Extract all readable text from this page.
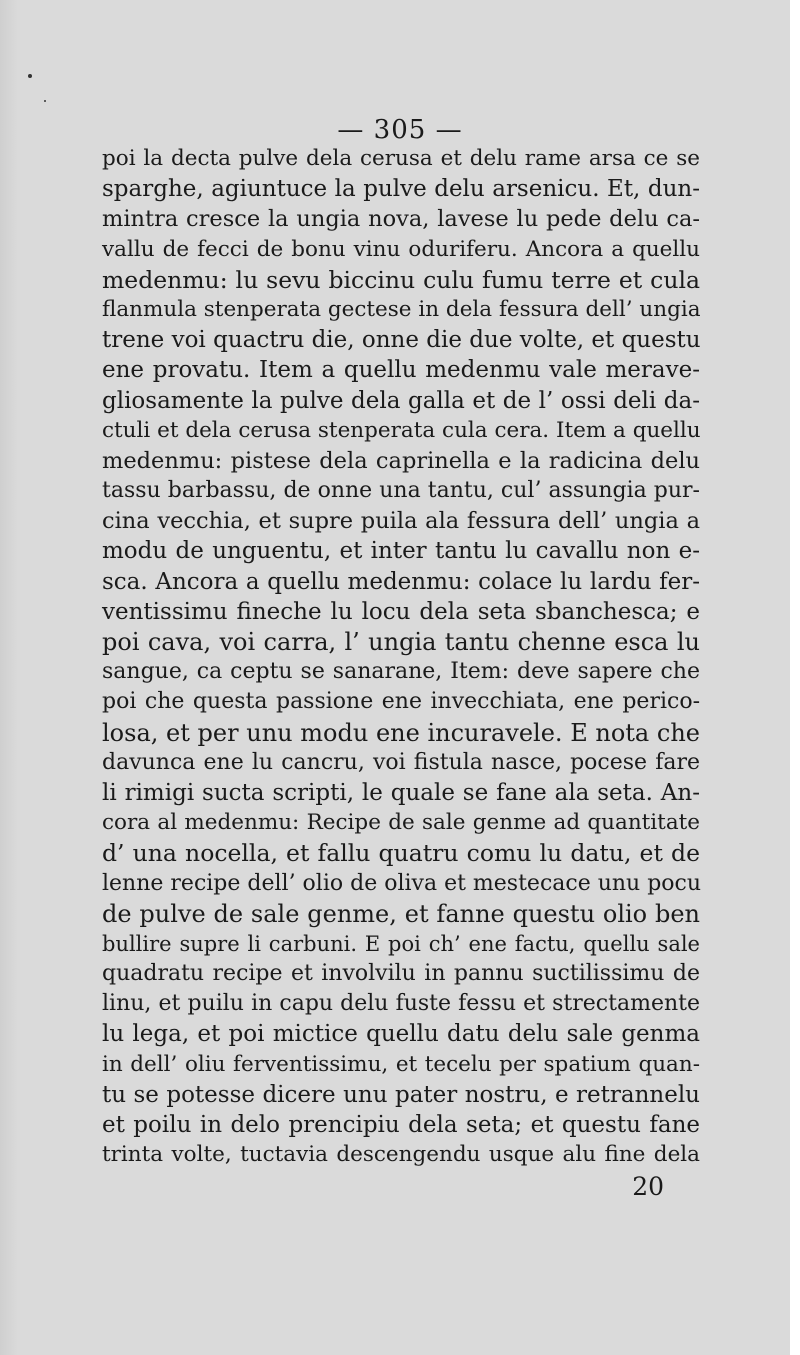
— 305 —
poi la decta pulve dela cerusa et delu rame arsa ce se
sparghe, agiuntuce la pulve delu arsenicu. Et, dun-
mintra cresce la ungia nova, lavese lu pede delu ca-
vallu de fecci de bonu vinu oduriferu. Ancora a quellu
medenmu: lu sevu biccinu culu fumu terre et cula
flanmula stenperata gectese in dela fessura dell’ ungia
trene voi quactru die, onne die due volte, et questu
ene provatu. Item a quellu medenmu vale merave-
gliosamente la pulve dela galla et de l’ ossi deli da-
ctuli et dela cerusa stenperata cula cera. Item a quellu
medenmu: pistese dela caprinella e la radicina delu
tassu barbassu, de onne una tantu, cul’ assungia pur-
cina vecchia, et supre puila ala fessura dell’ ungia a
modu de unguentu, et inter tantu lu cavallu non e-
sca. Ancora a quellu medenmu: colace lu lardu fer-
ventissimu fineche lu locu dela seta sbanchesca; e
poi cava, voi carra, l’ ungia tantu chenne esca lu
sangue, ca ceptu se sanarane, Item: deve sapere che
poi che questa passione ene invecchiata, ene perico-
losa, et per unu modu ene incuravele. E nota che
davunca ene lu cancru, voi fistula nasce, pocese fare
li rimigi sucta scripti, le quale se fane ala seta. An-
cora al medenmu: Recipe de sale genme ad quantitate
d’ una nocella, et fallu quatru comu lu datu, et de
lenne recipe dell’ olio de oliva et mestecace unu pocu
de pulve de sale genme, et fanne questu olio ben
bullire supre li carbuni. E poi ch’ ene factu, quellu sale
quadratu recipe et involvilu in pannu suctilissimu de
linu, et puilu in capu delu fuste fessu et strectamente
lu lega, et poi mictice quellu datu delu sale genma
in dell’ oliu ferventissimu, et tecelu per spatium quan-
tu se potesse dicere unu pater nostru, e retrannelu
et poilu in delo prencipiu dela seta; et questu fane
trinta volte, tuctavia descengendu usque alu fine dela
20
